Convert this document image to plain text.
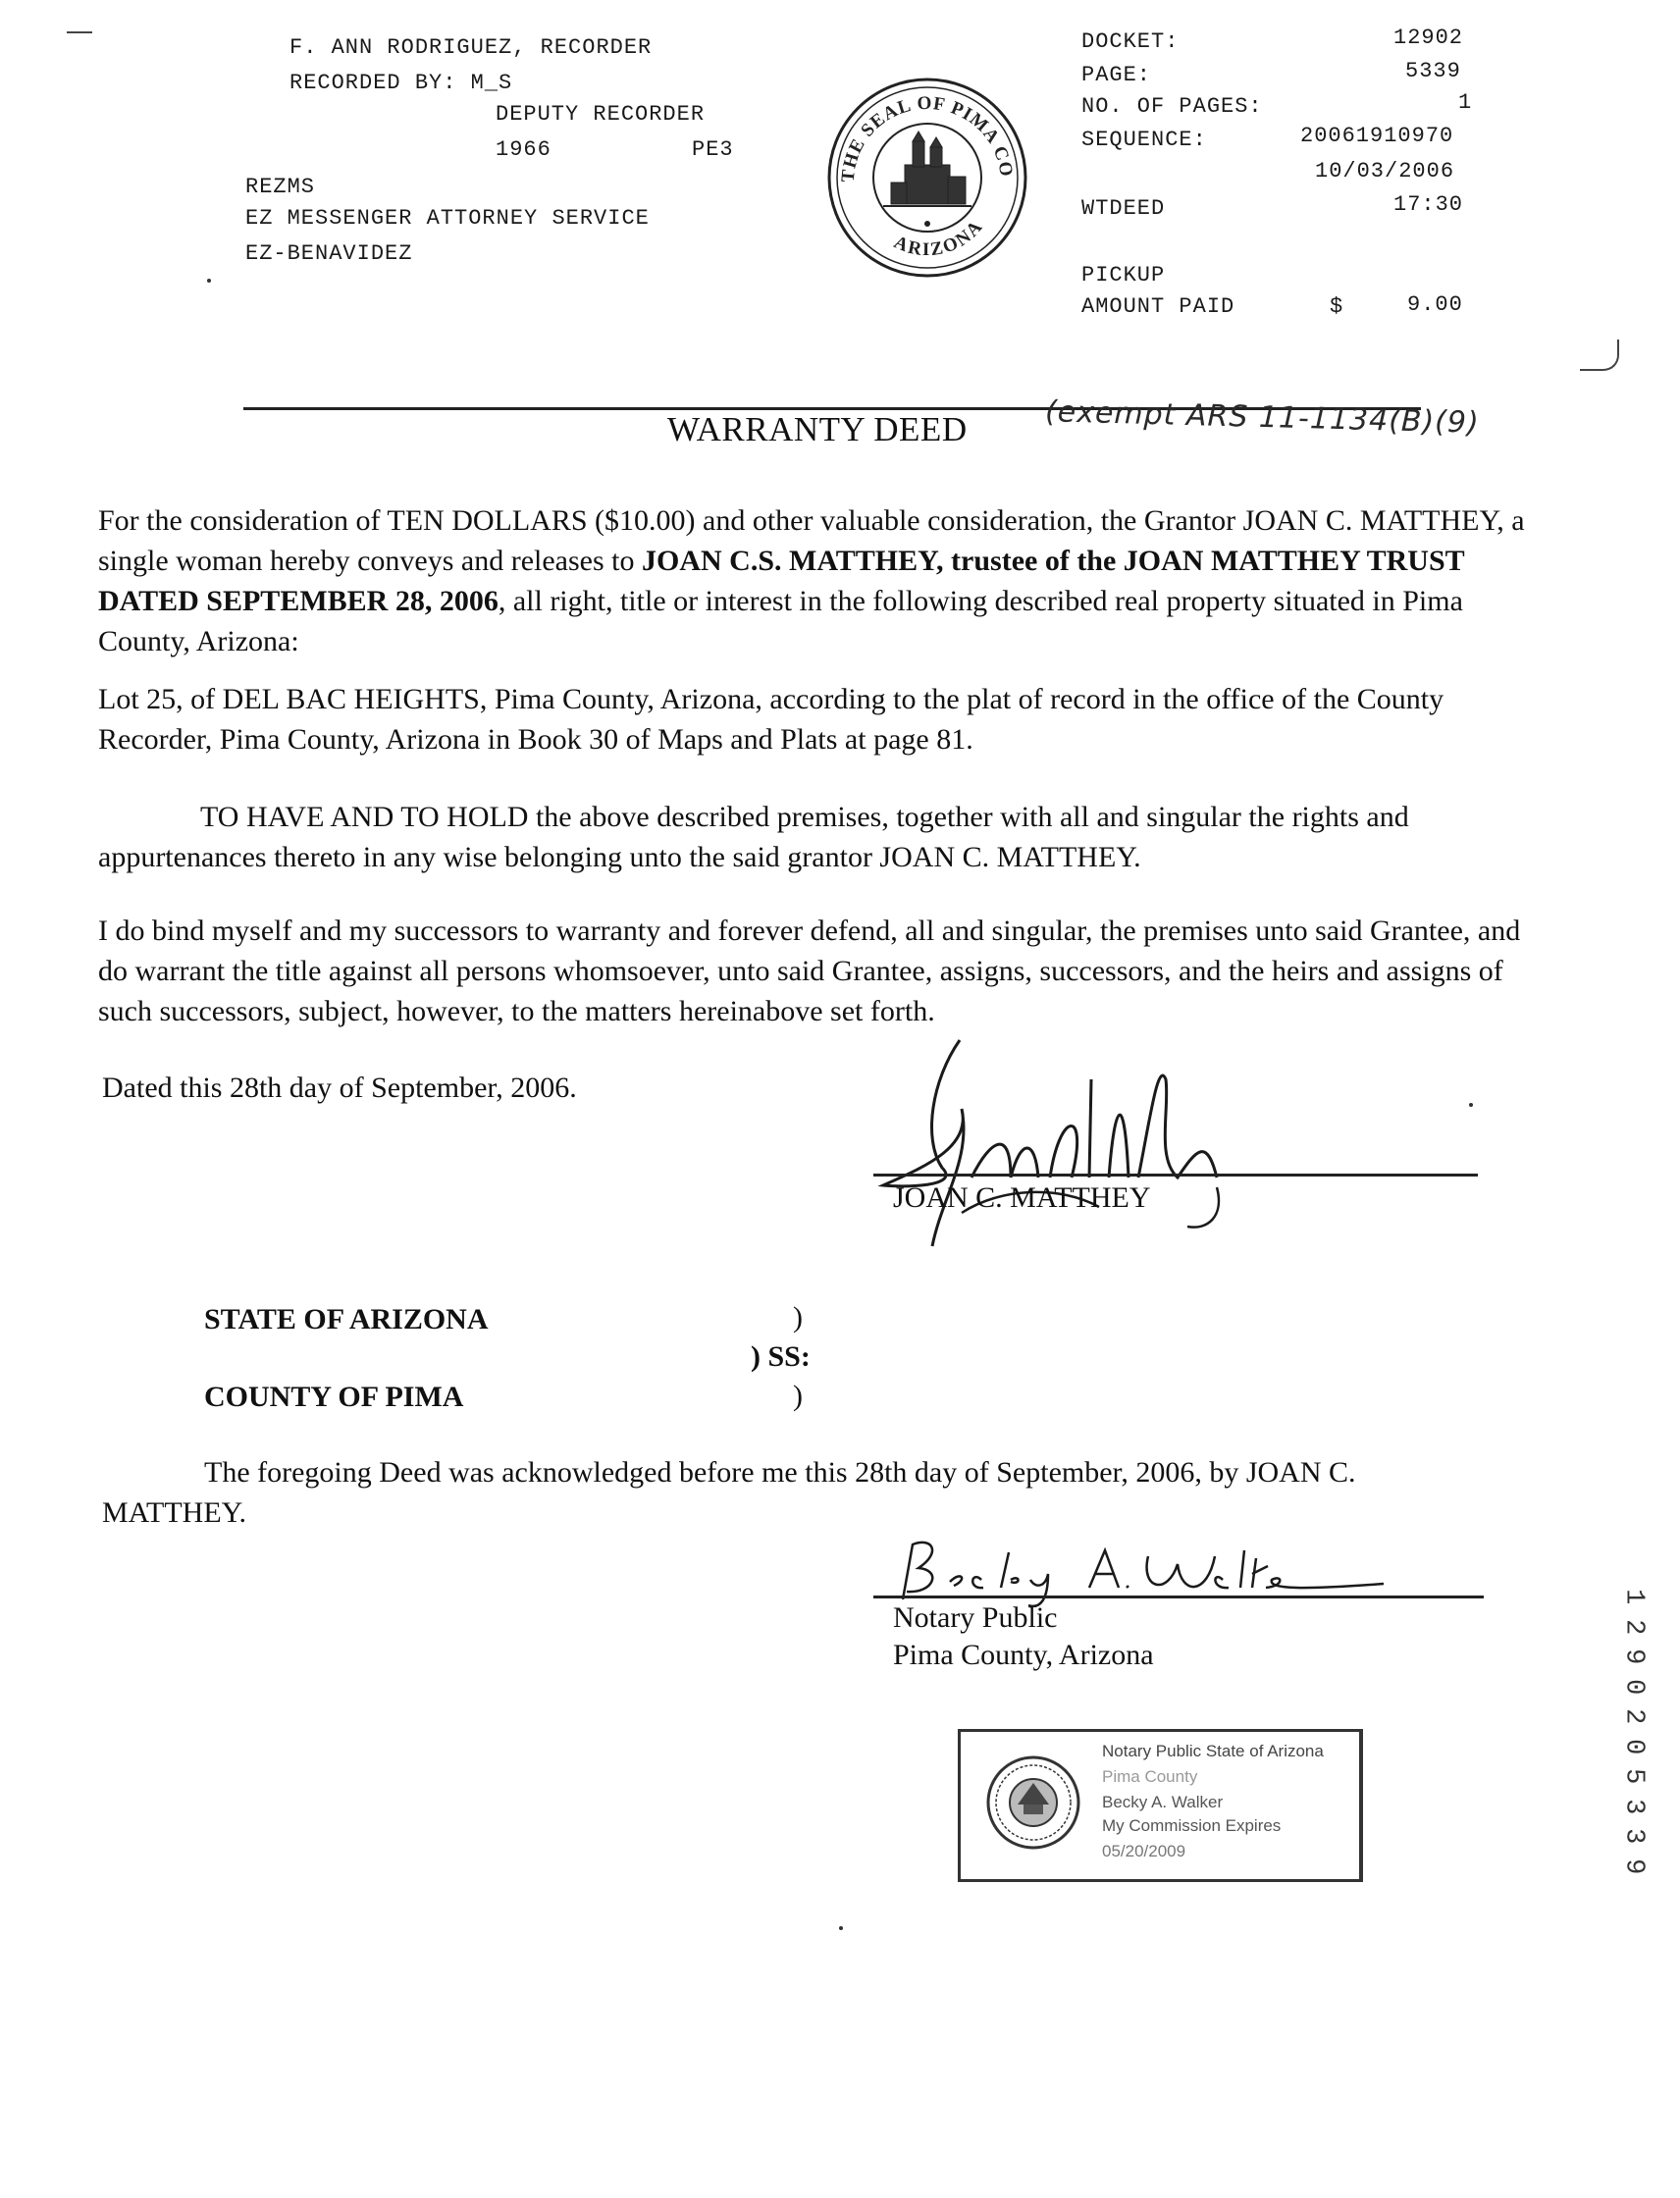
F. ANN RODRIGUEZ, RECORDER
RECORDED BY: M_S
DEPUTY RECORDER
1966	PE3
REZMS
EZ MESSENGER ATTORNEY SERVICE
EZ-BENAVIDEZ
THE SEAL OF PIMA CO
ARIZONA
DOCKET:	12902
PAGE:	5339
NO. OF PAGES:	1
SEQUENCE:	20061910970
10/03/2006
WTDEED	17:30
PICKUP
AMOUNT PAID	$	9.00
WARRANTY DEED	(exempt ARS 11-1134(B)(9)
For the consideration of TEN DOLLARS ($10.00) and other valuable consideration, the Grantor JOAN C. MATTHEY, a single woman hereby conveys and releases to JOAN C.S. MATTHEY, trustee of the JOAN MATTHEY TRUST DATED SEPTEMBER 28, 2006, all right, title or interest in the following described real property situated in Pima County, Arizona:
Lot 25, of DEL BAC HEIGHTS, Pima County, Arizona, according to the plat of record in the office of the County Recorder, Pima County, Arizona in Book 30 of Maps and Plats at page 81.
TO HAVE AND TO HOLD the above described premises, together with all and singular the rights and appurtenances thereto in any wise belonging unto the said grantor JOAN C. MATTHEY.
I do bind myself and my successors to warranty and forever defend, all and singular, the premises unto said Grantee, and do warrant the title against all persons whomsoever, unto said Grantee, assigns, successors, and the heirs and assigns of such successors, subject, however, to the matters hereinabove set forth.
Dated this 28th day of September, 2006.
JOAN C. MATTHEY
STATE OF ARIZONA
COUNTY OF PIMA
)
) SS:
)
The foregoing Deed was acknowledged before me this 28th day of September, 2006, by JOAN C. MATTHEY.
Notary Public
Pima County, Arizona
Notary Public State of Arizona
Pima County
Becky A. Walker
My Commission Expires
05/20/2009
1
2
9
0
2
0
5
3
3
9
